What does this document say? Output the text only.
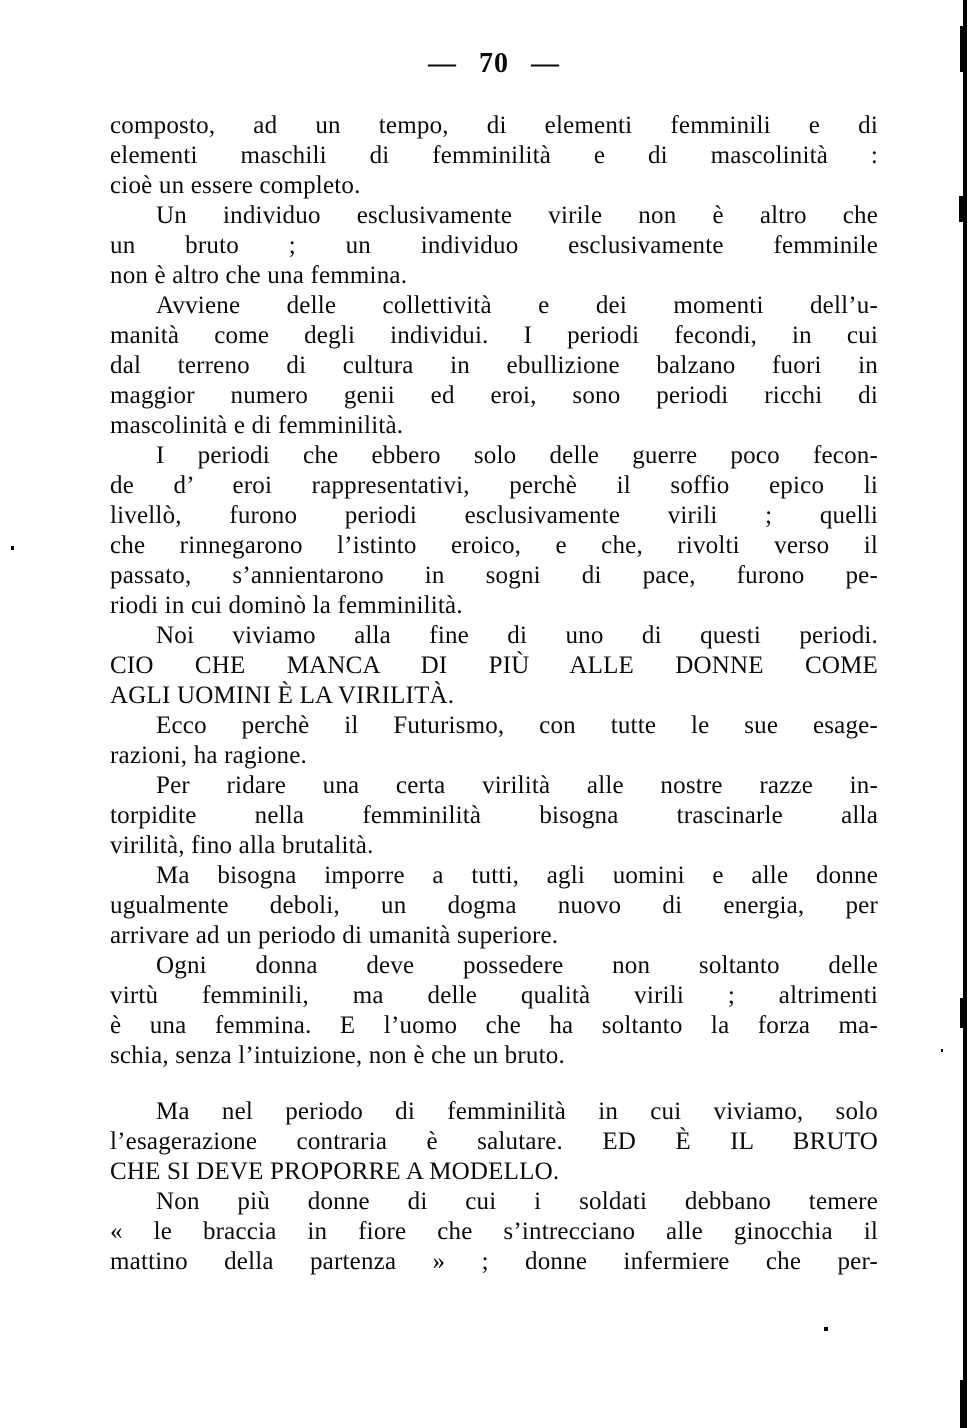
— 70 —
composto, ad un tempo, di elementi femminili e di
elementi maschili di femminilità e di mascolinità :
cioè un essere completo.
Un individuo esclusivamente virile non è altro che
un bruto ; un individuo esclusivamente femminile
non è altro che una femmina.
Avviene delle collettività e dei momenti dell’u-
manità come degli individui. I periodi fecondi, in cui
dal terreno di cultura in ebullizione balzano fuori in
maggior numero genii ed eroi, sono periodi ricchi di
mascolinità e di femminilità.
I periodi che ebbero solo delle guerre poco fecon-
de d’ eroi rappresentativi, perchè il soffio epico li
livellò, furono periodi esclusivamente virili ; quelli
che rinnegarono l’istinto eroico, e che, rivolti verso il
passato, s’annientarono in sogni di pace, furono pe-
riodi in cui dominò la femminilità.
Noi viviamo alla fine di uno di questi periodi.
CIO CHE MANCA DI PIÙ ALLE DONNE COME
AGLI UOMINI È LA VIRILITÀ.
Ecco perchè il Futurismo, con tutte le sue esage-
razioni, ha ragione.
Per ridare una certa virilità alle nostre razze in-
torpidite nella femminilità bisogna trascinarle alla
virilità, fino alla brutalità.
Ma bisogna imporre a tutti, agli uomini e alle donne
ugualmente deboli, un dogma nuovo di energia, per
arrivare ad un periodo di umanità superiore.
Ogni donna deve possedere non soltanto delle
virtù femminili, ma delle qualità virili ; altrimenti
è una femmina. E l’uomo che ha soltanto la forza ma-
schia, senza l’intuizione, non è che un bruto.
Ma nel periodo di femminilità in cui viviamo, solo
l’esagerazione contraria è salutare. ED È IL BRUTO
CHE SI DEVE PROPORRE A MODELLO.
Non più donne di cui i soldati debbano temere
« le braccia in fiore che s’intrecciano alle ginocchia il
mattino della partenza » ; donne infermiere che per-
